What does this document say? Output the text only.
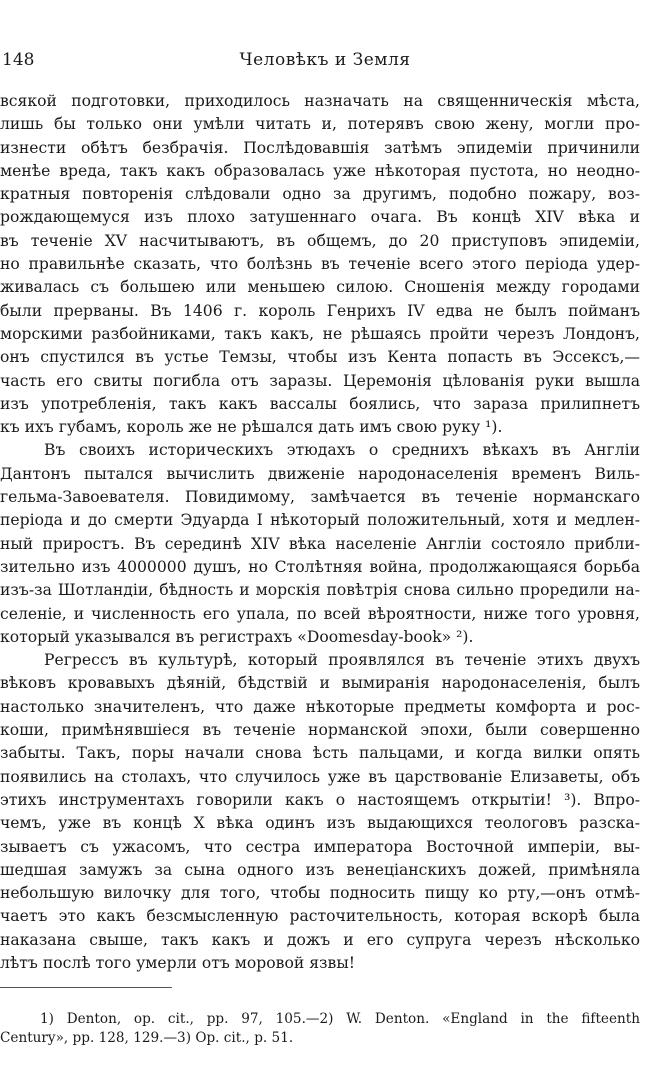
148	Человѣкъ и Земля
всякой подготовки, приходилось назначать на священническія мѣста,
лишь бы только они умѣли читать и, потерявъ свою жену, могли про-
изнести обѣтъ безбрачія. Послѣдовавшія затѣмъ эпидеміи причинили
менѣе вреда, такъ какъ образовалась уже нѣкоторая пустота, но неодно-
кратныя повторенія слѣдовали одно за другимъ, подобно пожару, воз-
рождающемуся изъ плохо затушеннаго очага. Въ концѣ XIV вѣка и
въ теченіе XV насчитываютъ, въ общемъ, до 20 приступовъ эпидеміи,
но правильнѣе сказать, что болѣзнь въ теченіе всего этого періода удер-
живалась съ большею или меньшею силою. Сношенія между городами
были прерваны. Въ 1406 г. король Генрихъ IV едва не былъ пойманъ
морскими разбойниками, такъ какъ, не рѣшаясь пройти черезъ Лондонъ,
онъ спустился въ устье Темзы, чтобы изъ Кента попасть въ Эссексъ,—
часть его свиты погибла отъ заразы. Церемонія цѣлованія руки вышла
изъ употребленія, такъ какъ вассалы боялись, что зараза прилипнетъ
къ ихъ губамъ, король же не рѣшался дать имъ свою руку ¹).
Въ своихъ историческихъ этюдахъ о среднихъ вѣкахъ въ Англіи
Дантонъ пытался вычислить движеніе народонаселенія временъ Виль-
гельма-Завоевателя. Повидимому, замѣчается въ теченіе норманскаго
періода и до смерти Эдуарда I нѣкоторый положительный, хотя и медлен-
ный приростъ. Въ серединѣ XIV вѣка населеніе Англіи состояло прибли-
зительно изъ 4000000 душъ, но Столѣтняя война, продолжающаяся борьба
изъ-за Шотландіи, бѣдность и морскія повѣтрія снова сильно проредили на-
селеніе, и численность его упала, по всей вѣроятности, ниже того уровня,
который указывался въ регистрахъ «Doomesday-book» ²).
Регрессъ въ культурѣ, который проявлялся въ теченіе этихъ двухъ
вѣковъ кровавыхъ дѣяній, бѣдствій и вымиранія народонаселенія, былъ
настолько значителенъ, что даже нѣкоторые предметы комфорта и рос-
коши, примѣнявшіеся въ теченіе норманской эпохи, были совершенно
забыты. Такъ, поры начали снова ѣсть пальцами, и когда вилки опять
появились на столахъ, что случилось уже въ царствованіе Елизаветы, объ
этихъ инструментахъ говорили какъ о настоящемъ открытіи! ³). Впро-
чемъ, уже въ концѣ X вѣка одинъ изъ выдающихся теологовъ разска-
зываетъ съ ужасомъ, что сестра императора Восточной имперіи, вы-
шедшая замужъ за сына одного изъ венеціанскихъ дожей, примѣняла
небольшую вилочку для того, чтобы подносить пищу ко рту,—онъ отмѣ-
чаетъ это какъ безсмысленную расточительность, которая вскорѣ была
наказана свыше, такъ какъ и дожъ и его супруга черезъ нѣсколько
лѣтъ послѣ того умерли отъ моровой язвы!
1) Denton, op. cit., pp. 97, 105.—2) W. Denton. «England in the fifteenth
Century», pp. 128, 129.—3) Op. cit., p. 51.
